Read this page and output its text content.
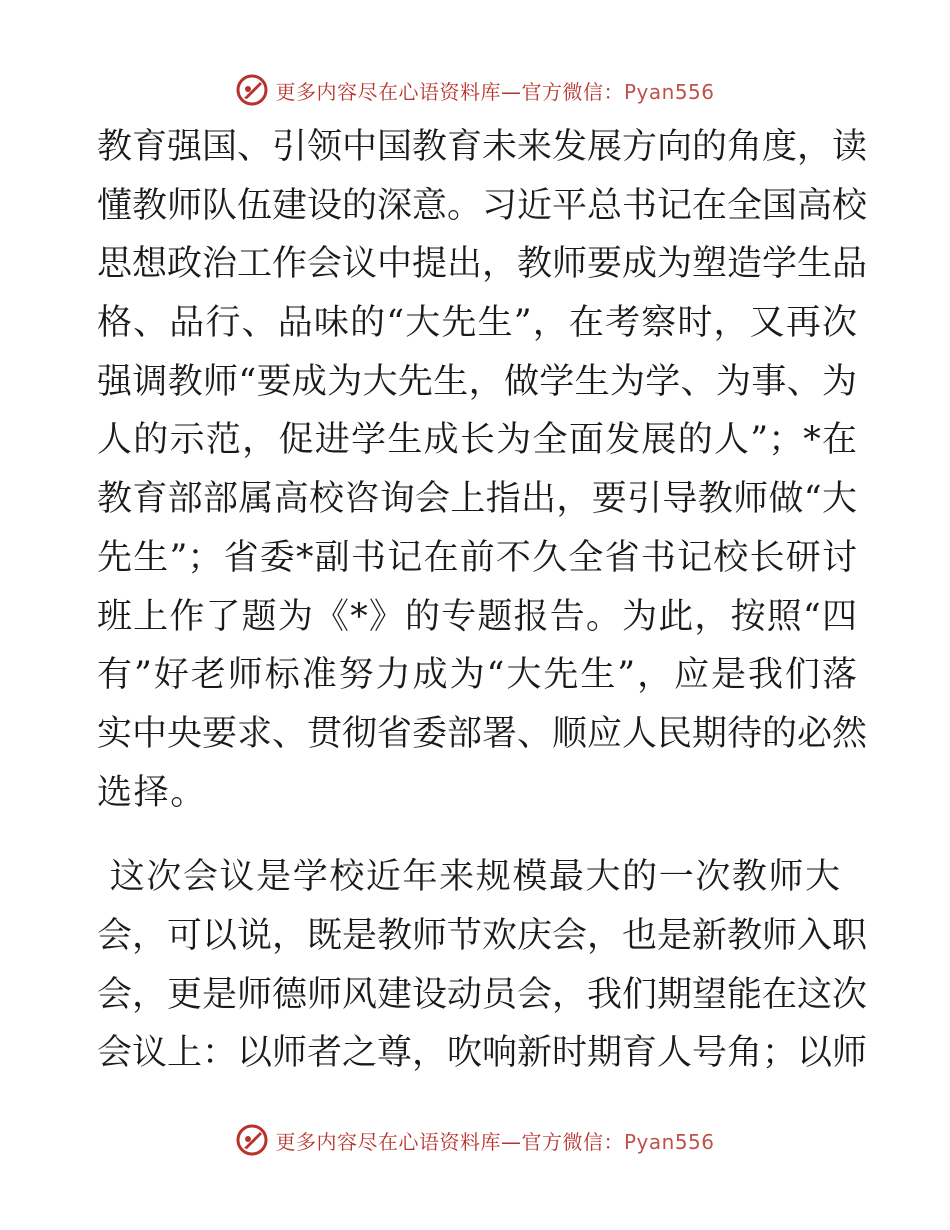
更多内容尽在心语资料库—官方微信：Pyan556
教育强国、引领中国教育未来发展方向的角度，读
懂教师队伍建设的深意。习近平总书记在全国高校
思想政治工作会议中提出，教师要成为塑造学生品
格、品行、品味的“大先生”，在考察时，又再次
强调教师“要成为大先生，做学生为学、为事、为
人的示范，促进学生成长为全面发展的人”；*在
教育部部属高校咨询会上指出，要引导教师做“大
先生”；省委*副书记在前不久全省书记校长研讨
班上作了题为《*》的专题报告。为此，按照“四
有”好老师标准努力成为“大先生”，应是我们落
实中央要求、贯彻省委部署、顺应人民期待的必然
选择。
这次会议是学校近年来规模最大的一次教师大
会，可以说，既是教师节欢庆会，也是新教师入职
会，更是师德师风建设动员会，我们期望能在这次
会议上：以师者之尊，吹响新时期育人号角；以师
更多内容尽在心语资料库—官方微信：Pyan556
